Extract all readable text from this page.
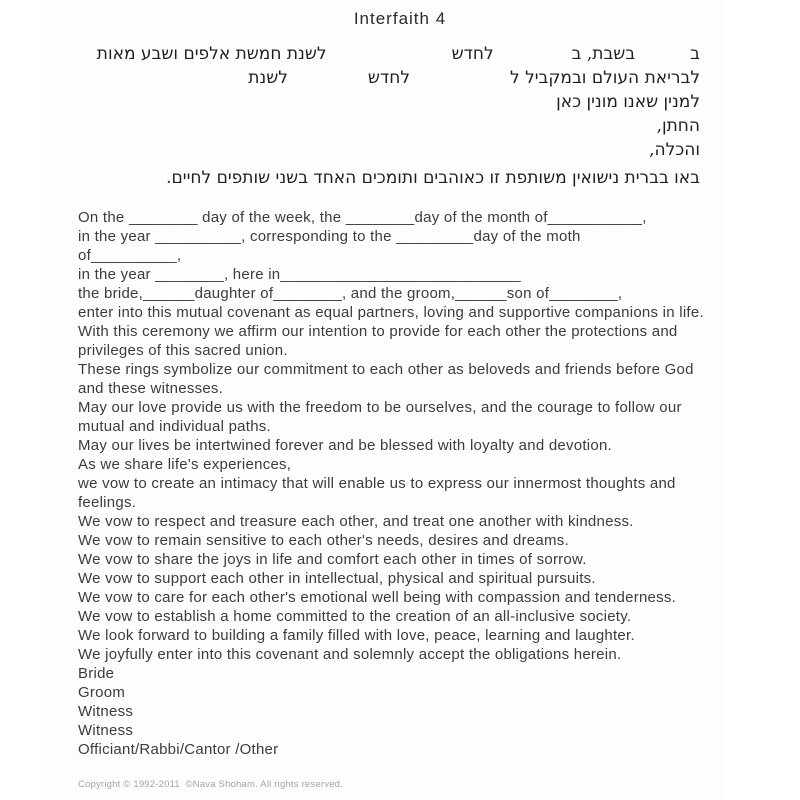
Interfaith 4
בבשבת, בלחדשלשנת חמשת אלפים ושבע מאות
לבריאת העולם ובמקביל ללחדשלשנת
למנין שאנו מונין כאן
החתן,
והכלה,
באו בברית נישואין משותפת זו כאוהבים ותומכים האחד בשני שותפים לחיים.
On the ________ day of the week, the ________day of the month of___________,
in the year __________, corresponding to the _________day of the moth
of__________,
in the year ________, here in____________________________
the bride,______daughter of________, and the groom,______son of________,
enter into this mutual covenant as equal partners, loving and supportive companions in life.
With this ceremony we affirm our intention to provide for each other the protections and
privileges of this sacred union.
These rings symbolize our commitment to each other as beloveds and friends before God
and these witnesses.
May our love provide us with the freedom to be ourselves, and the courage to follow our
mutual and individual paths.
May our lives be intertwined forever and be blessed with loyalty and devotion.
As we share life's experiences,
we vow to create an intimacy that will enable us to express our innermost thoughts and
feelings.
We vow to respect and treasure each other, and treat one another with kindness.
We vow to remain sensitive to each other's needs, desires and dreams.
We vow to share the joys in life and comfort each other in times of sorrow.
We vow to support each other in intellectual, physical and spiritual pursuits.
We vow to care for each other's emotional well being with compassion and tenderness.
We vow to establish a home committed to the creation of an all-inclusive society.
We look forward to building a family filled with love, peace, learning and laughter.
We joyfully enter into this covenant and solemnly accept the obligations herein.
Bride
Groom
Witness
Witness
Officiant/Rabbi/Cantor /Other
Copyright © 1992-2011  ©Nava Shoham. All rights reserved.
